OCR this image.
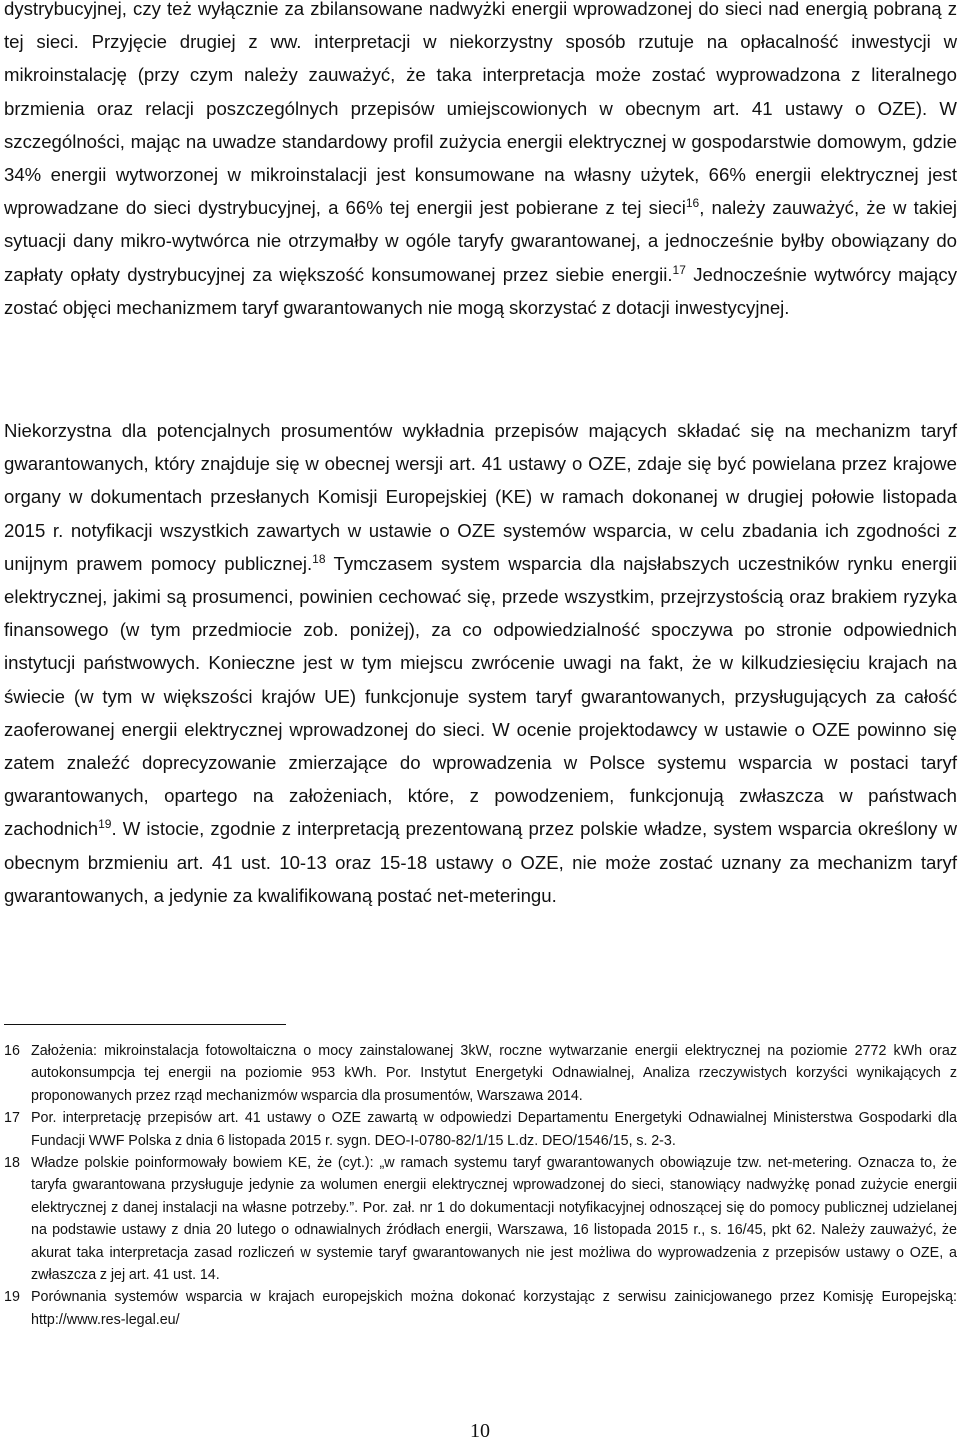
dystrybucyjnej, czy też wyłącznie za zbilansowane nadwyżki energii wprowadzonej do sieci nad energią pobraną z tej sieci. Przyjęcie drugiej z ww. interpretacji w niekorzystny sposób rzutuje na opłacalność inwestycji w mikroinstalację (przy czym należy zauważyć, że taka interpretacja może zostać wyprowadzona z literalnego brzmienia oraz relacji poszczególnych przepisów umiejscowionych w obecnym art. 41 ustawy o OZE). W szczególności, mając na uwadze standardowy profil zużycia energii elektrycznej w gospodarstwie domowym, gdzie 34% energii wytworzonej w mikroinstalacji jest konsumowane na własny użytek, 66% energii elektrycznej jest wprowadzane do sieci dystrybucyjnej, a 66% tej energii jest pobierane z tej sieci$^{16}$, należy zauważyć, że w takiej sytuacji dany mikro-wytwórca nie otrzymałby w ogóle taryfy gwarantowanej, a jednocześnie byłby obowiązany do zapłaty opłaty dystrybucyjnej za większość konsumowanej przez siebie energii.$^{17}$ Jednocześnie wytwórcy mający zostać objęci mechanizmem taryf gwarantowanych nie mogą skorzystać z dotacji inwestycyjnej.

Niekorzystna dla potencjalnych prosumentów wykładnia przepisów mających składać się na mechanizm taryf gwarantowanych, który znajduje się w obecnej wersji art. 41 ustawy o OZE, zdaje się być powielana przez krajowe organy w dokumentach przesłanych Komisji Europejskiej (KE) w ramach dokonanej w drugiej połowie listopada 2015 r. notyfikacji wszystkich zawartych w ustawie o OZE systemów wsparcia, w celu zbadania ich zgodności z unijnym prawem pomocy publicznej.$^{18}$ Tymczasem system wsparcia dla najsłabszych uczestników rynku energii elektrycznej, jakimi są prosumenci, powinien cechować się, przede wszystkim, przejrzystością oraz brakiem ryzyka finansowego (w tym przedmiocie zob. poniżej), za co odpowiedzialność spoczywa po stronie odpowiednich instytucji państwowych. Konieczne jest w tym miejscu zwrócenie uwagi na fakt, że w kilkudziesięciu krajach na świecie (w tym w większości krajów UE) funkcjonuje system taryf gwarantowanych, przysługujących za całość zaoferowanej energii elektrycznej wprowadzonej do sieci. W ocenie projektodawcy w ustawie o OZE powinno się zatem znaleźć doprecyzowanie zmierzające do wprowadzenia w Polsce systemu wsparcia w postaci taryf gwarantowanych, opartego na założeniach, które, z powodzeniem, funkcjonują zwłaszcza w państwach zachodnich$^{19}$. W istocie, zgodnie z interpretacją prezentowaną przez polskie władze, system wsparcia określony w obecnym brzmieniu art. 41 ust. 10-13 oraz 15-18 ustawy o OZE, nie może zostać uznany za mechanizm taryf gwarantowanych, a jedynie za kwalifikowaną postać net-meteringu.

16 Założenia: mikroinstalacja fotowoltaiczna o mocy zainstalowanej 3kW, roczne wytwarzanie energii elektrycznej na poziomie 2772 kWh oraz autokonsumpcja tej energii na poziomie 953 kWh. Por. Instytut Energetyki Odnawialnej, Analiza rzeczywistych korzyści wynikających z proponowanych przez rząd mechanizmów wsparcia dla prosumentów, Warszawa 2014.
17 Por. interpretację przepisów art. 41 ustawy o OZE zawartą w odpowiedzi Departamentu Energetyki Odnawialnej Ministerstwa Gospodarki dla Fundacji WWF Polska z dnia 6 listopada 2015 r. sygn. DEO-I-0780-82/1/15 L.dz. DEO/1546/15, s. 2-3.
18 Władze polskie poinformowały bowiem KE, że (cyt.): „w ramach systemu taryf gwarantowanych obowiązuje tzw. net-metering. Oznacza to, że taryfa gwarantowana przysługuje jedynie za wolumen energii elektrycznej wprowadzonej do sieci, stanowiący nadwyżkę ponad zużycie energii elektrycznej z danej instalacji na własne potrzeby.”. Por. zał. nr 1 do dokumentacji notyfikacyjnej odnoszącej się do pomocy publicznej udzielanej na podstawie ustawy z dnia 20 lutego o odnawialnych źródłach energii, Warszawa, 16 listopada 2015 r., s. 16/45, pkt 62. Należy zauważyć, że akurat taka interpretacja zasad rozliczeń w systemie taryf gwarantowanych nie jest możliwa do wyprowadzenia z przepisów ustawy o OZE, a zwłaszcza z jej art. 41 ust. 14.
19 Porównania systemów wsparcia w krajach europejskich można dokonać korzystając z serwisu zainicjowanego przez Komisję Europejską: http://www.res-legal.eu/
10
